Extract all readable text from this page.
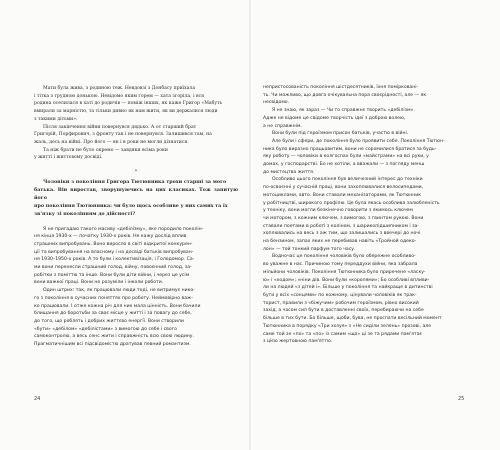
Мати була жива, з родиною теж. Невдовзі з Донбасу приїхала

і тітка з грудною донькою. Невідомо яким горем — хата згоріла, і вся

родина оселилася в хаті до родичів — поміж інших, як каже Григор «Мабуть

вмирали за марністю, та тільки дивно як нам жити, як ви держалися люди

з такими дітьми».

Після закінчення війни повернувся дядько. А от старший брат

Григорій, Порфирович, з фронту так і не повернувся. Залишився там, на

жаль, десь на війні. Про його — як і в роки не могли дізнатися.

Та ніж брати не було окремо — завдяки всіма роки

у житті і життєвому досвіді.

•

Чоловіки з покоління Григора Тютюнника трохи старші за мого

батька. Він виростав, зворушуючись на цих класиках. Тож запитую його

про покоління Тютюнника: чи було щось особливе у них самих та їх

зв'язку зі поколінням до дійсності?

Я не пригадаю такого масиву «дебілізму», яке породило поколін-

ня кінця 1930-х — початку 1930-х років. Не кажу дослід вплив

страшних випробувань. Воно виросло в світі відкритої конкурен-

ції та випробування на власному і на досвіді батьків випробуван-

ня 1930–1950-х років. А то були і колективізація, і Голодомор. Са-

ми вони перенесли страшний голод, війну, повоєнний голод, за-

робітки з поміттю та інше. Вони були діти війни, і через це усім

вони важкої праці. Вони не розуміли і інколи роботи.

Один штрих: так, як працювали люди тоді, не витримує нико-

го з покоління в сучасних поняттях про роботу. Неймовірно важ-

ко працювали. І отже кожна річ для них мала цінність. Вони бачили

блищання до боротьби за своє місце у житті і за повагу до себе,

до того, що роблять і добрих життєво енергії. Вони створили

«бути» «дебілом» «дебілістами» з вимогою до себе і свого

самоконтролю, а весь сенс жити і справжність всю свою людину.

Прагматичнішим всі підсвідомістю дратував певний романтизм.

непристосованість покоління шістдесятників, їхня помірковані-

ть. Чи можливо, що довга очікувальна пора своєрідності, але — як

несвідомо.

Я не знаю, як зараз — Чи то справжнє творить «дебілізм».

Адже не відоме це свідоме творчість ідеї з доброю волею,

а не справжнім.

Вони були під героїзмом присон батьків, участю в війні.

Але були і сфери, де покоління було проявити себе. Покоління Тютюн-

ника було виразно працьовитим, вони не соромилися братися за будь-

яку роботу — чоловіки в колгоспах були «майстрами» на всі руки, у

домах, у господарстві. Бо не хотіли, а вважали — з погляду менш

до мистецтва життя.

Особливо цього покоління був величезний інтерес до техніки

по-освоєнні у сучасній праці, вони захоплювалися велосипедами,

мотоциклами, авто. Вони ставали механізаторами, як Тютюнник

у робітництві, широкого профілю. Це була якась особлива залюбленість

у техніку, вони могли безкінечно говорити з якимось ключем

чи мотором, з кожним ключем, з вимогою, з гвинтом рукою. Вони

ставали поетами в роботі з коліном, з шарикопідшипником і за-

хоплювались на весь з аж тим, що залишались з ввечері до ночі

на бензином, запах яких не перебивав навіть «Тройной одеко-

лон» — той тонкий парфум того часу.

Водночас це покоління чоловіків було обережне особливо-

во уважне в нас. Причиною тому переддухи війни, яка забрала

мільйони чоловіків. Покоління Тютюнника було приречене «ласку-

ю» і «ходом»; «ніни дів. Вони були «королями»; Бо особливі впливи-

ли на людей «з дітей і». Більше у покоління та найкраще в дитинстві

бути у всіх «сонцями» по кожному, цінували чоловіків як трак-

торист, правили з «біжучим» робочим героїзмом, рівно високий

захід, а часом сил бути в доставленні своїх, перебираючи на себе

більше в тих бути. Бо більше, щоби, бува, не проспати весільний момент

Тютюнника в порядку «Три хозуя» з «Не сиділи зелень» прозові, але

саме той зе «по» та «по» із самим «що» ці зе та рядами пам'ятає

з цією жертовною пам'яттю.

24	25
